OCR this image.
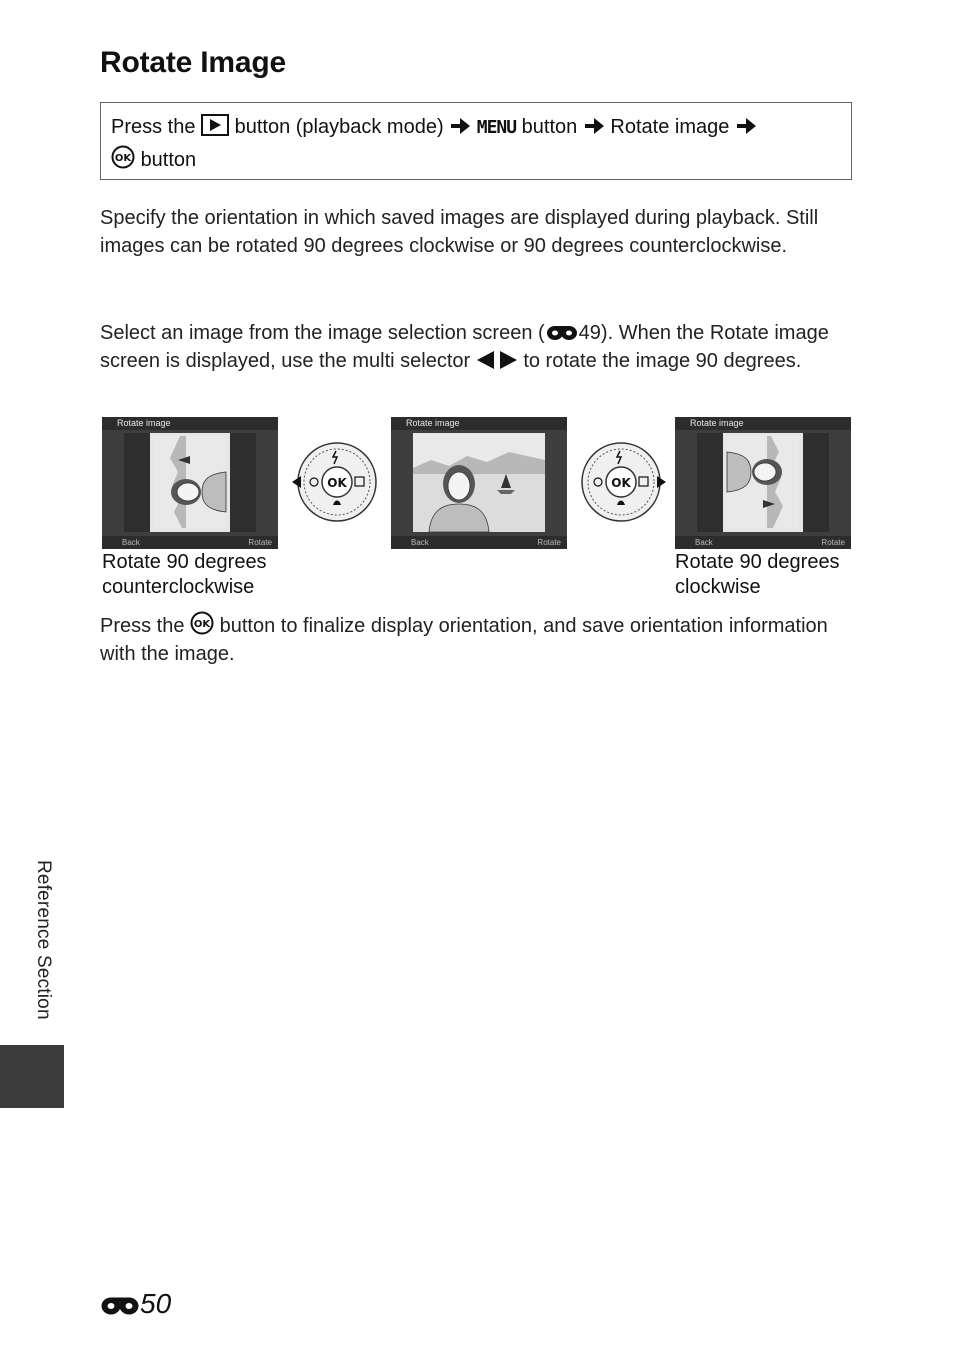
Rotate Image
Press the button (playback mode) MENU button Rotate image

OK button

Specify the orientation in which saved images are displayed during playback. Still images can be rotated 90 degrees clockwise or 90 degrees counterclockwise.

Select an image from the image selection screen ( 49). When the Rotate image screen is displayed, use the multi selector	to rotate the image 90 degrees.

Rotate image
Back	Rotate
OK
Rotate image
Back	Rotate
OK
Rotate image
Back	Rotate
Rotate 90 degrees
counterclockwise
Rotate 90 degrees
clockwise

Press the OK button to finalize display orientation, and save orientation information with the image.

Reference Section
50
